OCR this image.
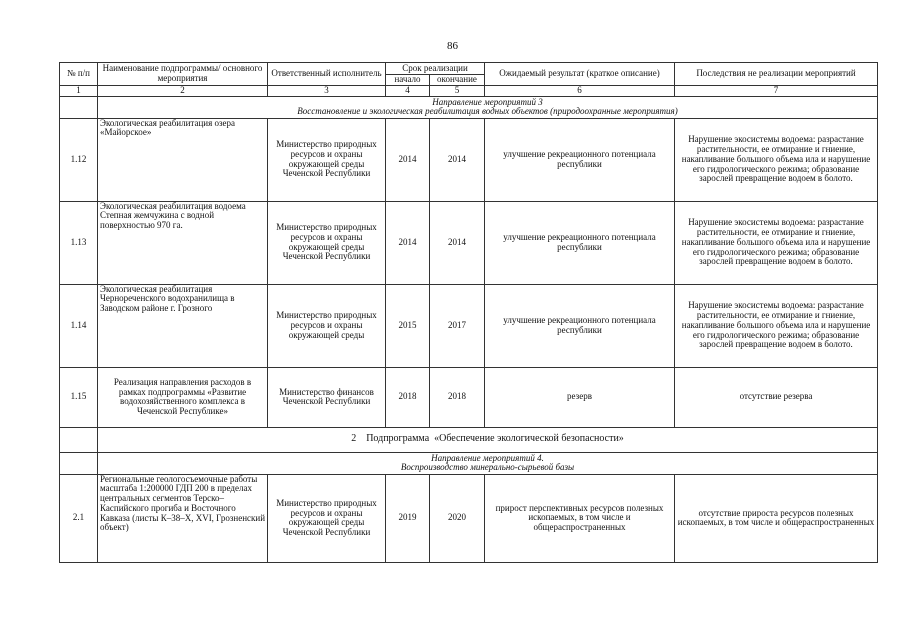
86
№ п/п	Наименование подпрограммы/ основного мероприятия	Ответственный исполнитель	Срок реализации		Ожидаемый результат (краткое описание)	Последствия не реализации мероприятий
			начало	окончание		
1	2	3	4	5	6	7

	Направление мероприятий 3
Восстановление и экологическая реабилитация водных объектов (природоохранные мероприятия)					

1.12	Экологическая реабилитация озера «Майорское»	Министерство природных ресурсов и охраны окружающей среды Чеченской Республики	2014	2014	улучшение рекреационного потенциала республики	Нарушение экосистемы водоема: разрастание растительности, ее отмирание и гниение, накапливание большого объема ила и нарушение его гидрологического режима; образование зарослей превращение водоем в болото.
1.13	Экологическая реабилитация водоема Степная жемчужина с водной поверхностью 970 га.	Министерство природных ресурсов и охраны окружающей среды Чеченской Республики	2014	2014	улучшение рекреационного потенциала республики	Нарушение экосистемы водоема: разрастание растительности, ее отмирание и гниение, накапливание большого объема ила и нарушение его гидрологического режима; образование зарослей превращение водоем в болото.
1.14	Экологическая реабилитация Чернореченского водохранилища в Заводском районе г. Грозного	Министерство природных ресурсов и охраны окружающей среды	2015	2017	улучшение рекреационного потенциала республики	Нарушение экосистемы водоема: разрастание растительности, ее отмирание и гниение, накапливание большого объема ила и нарушение его гидрологического режима; образование зарослей превращение водоем в болото.
1.15	Реализация направления расходов в рамках подпрограммы «Развитие водохозяйственного комплекса в Чеченской Республике»	Министерство финансов Чеченской Республики	2018	2018	резерв	отсутствие резерва
	2    Подпрограмма  «Обеспечение экологической безопасности»					

	Направление мероприятий 4.
Воспроизводство минерально-сырьевой базы					

2.1	Региональные геологосъемочные работы масштаба 1:200000 ГДП 200 в пределах центральных сегментов Терско–Каспийского прогиба и Восточного Кавказа (листы К–38–X, XVI, Грозненский объект)	Министерство природных ресурсов и охраны окружающей среды Чеченской Республики	2019	2020	прирост перспективных ресурсов полезных ископаемых, в том числе и общераспространенных	отсутствие прироста ресурсов полезных ископаемых, в том числе и общераспространенных
